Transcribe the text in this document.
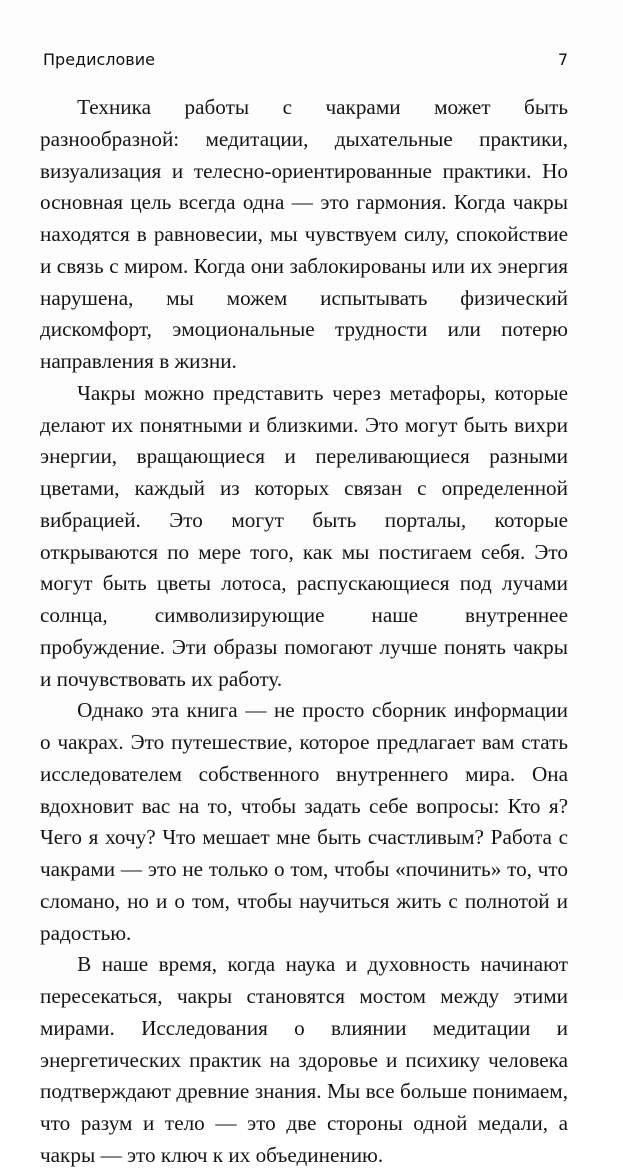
Предисловие	7

Техника работы с чакрами может быть разнообразной: медитации, дыхательные практики, визуализация и телесно-ориентированные практики. Но основная цель всегда одна — это гармония. Когда чакры находятся в равновесии, мы чувствуем силу, спокойствие и связь с миром. Когда они заблокированы или их энергия нарушена, мы можем испытывать физический дискомфорт, эмоциональные трудности или потерю направления в жизни.

Чакры можно представить через метафоры, которые делают их понятными и близкими. Это могут быть вихри энергии, вращающиеся и переливающиеся разными цветами, каждый из которых связан с определенной вибрацией. Это могут быть порталы, которые открываются по мере того, как мы постигаем себя. Это могут быть цветы лотоса, распускающиеся под лучами солнца, символизирующие наше внутреннее пробуждение. Эти образы помогают лучше понять чакры и почувствовать их работу.

Однако эта книга — не просто сборник информации о чакрах. Это путешествие, которое предлагает вам стать исследователем собственного внутреннего мира. Она вдохновит вас на то, чтобы задать себе вопросы: Кто я? Чего я хочу? Что мешает мне быть счастливым? Работа с чакрами — это не только о том, чтобы «починить» то, что сломано, но и о том, чтобы научиться жить с полнотой и радостью.

В наше время, когда наука и духовность начинают пересекаться, чакры становятся мостом между этими мирами. Исследования о влиянии медитации и энергетических практик на здоровье и психику человека подтверждают древние знания. Мы все больше понимаем, что разум и тело — это две стороны одной медали, а чакры — это ключ к их объединению.
